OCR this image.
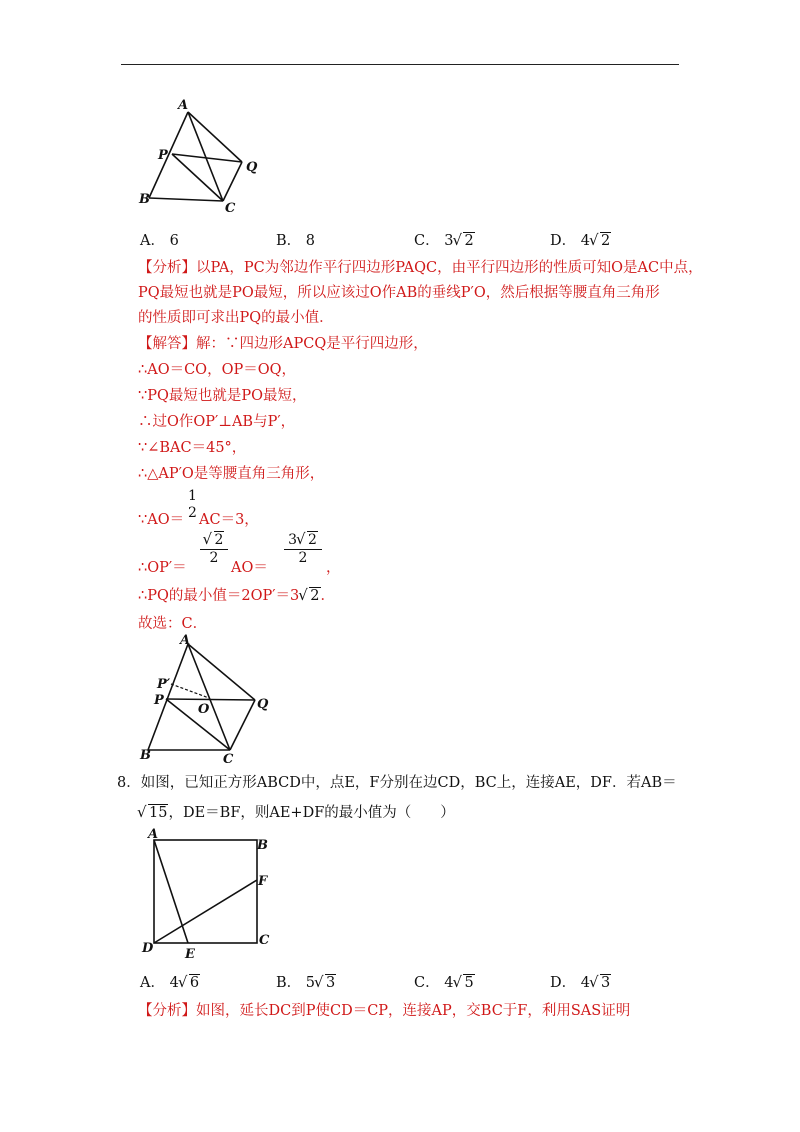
A
P
Q
B
C
A． 6	B． 8	C． 3 √ 2	D． 4 √ 2
【分析】以PA，PC为邻边作平行四边形PAQC，由平行四边形的性质可知O是AC中点，
PQ最短也就是PO最短，所以应该过O作AB的垂线P′O，然后根据等腰直角三角形
的性质即可求出PQ的最小值．
【解答】解：∵四边形APCQ是平行四边形，
∴AO＝CO，OP＝OQ，
∵PQ最短也就是PO最短，
∴过O作OP′⊥AB与P′，
∵∠BAC＝45°，
∴△AP′O是等腰直角三角形，
∵AO＝
1
2 AC＝3，
∴OP′＝
√ 2
2
AO＝
3 √ 2
2
，
∴PQ的最小值＝2OP′＝3 √ 2．
故选：C．
A
P′
P
O	Q
B	C
8．如图，已知正方形ABCD中，点E，F分别在边CD，BC上，连接AE，DF．若AB＝
√ 15，DE＝BF，则AE+DF的最小值为（　　）
A
B
F
D E
C
A． 4 √ 6	B． 5 √ 3	C． 4 √ 5	D． 4 √ 3
【分析】如图，延长DC到P使CD＝CP，连接AP，交BC于F，利用SAS证明
